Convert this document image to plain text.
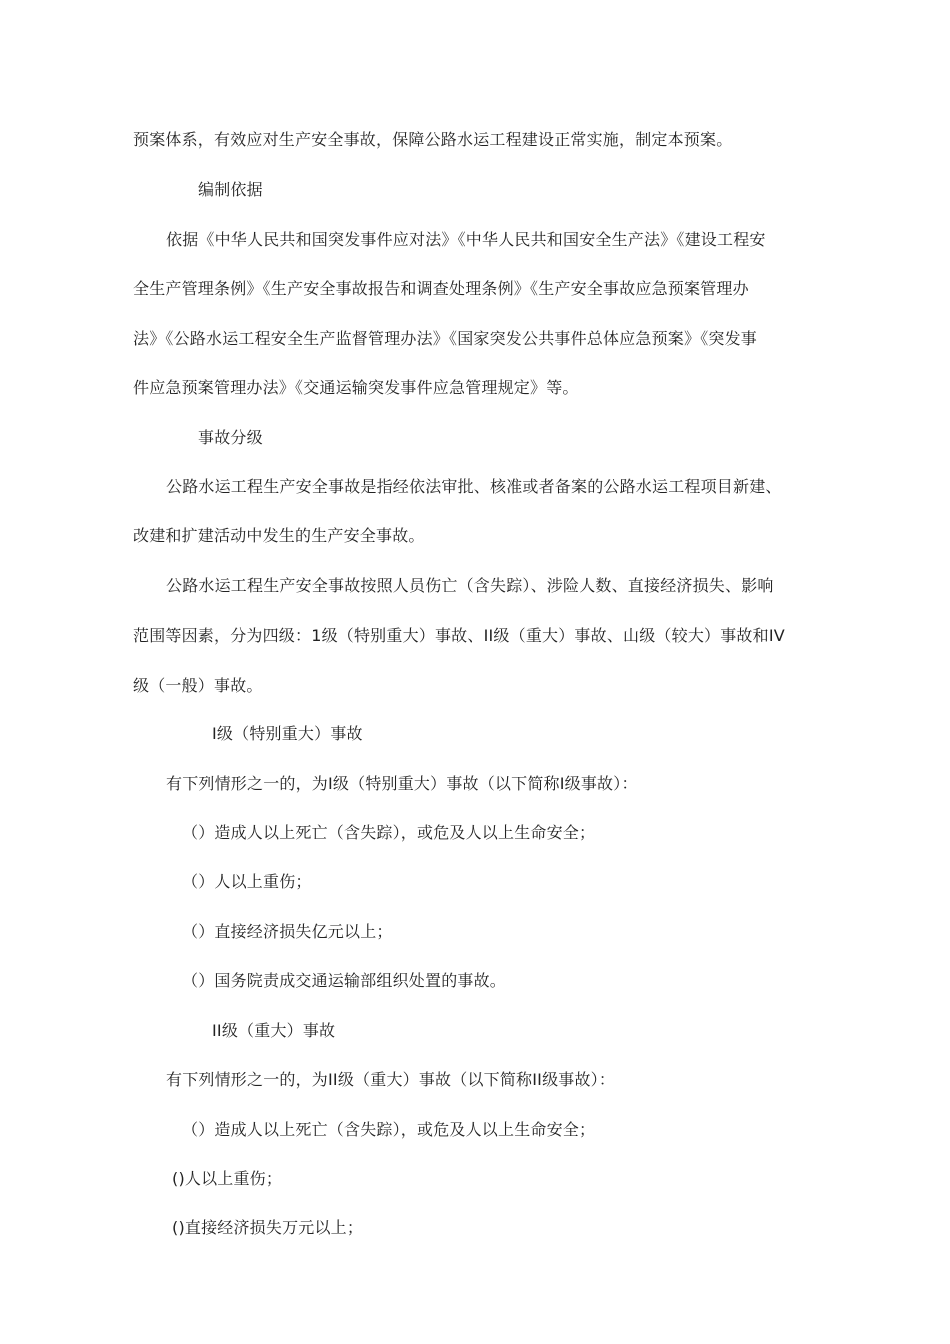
预案体系，有效应对生产安全事故，保障公路水运工程建设正常实施，制定本预案。
编制依据
依据《中华人民共和国突发事件应对法》《中华人民共和国安全生产法》《建设工程安
全生产管理条例》《生产安全事故报告和调查处理条例》《生产安全事故应急预案管理办
法》《公路水运工程安全生产监督管理办法》《国家突发公共事件总体应急预案》《突发事
件应急预案管理办法》《交通运输突发事件应急管理规定》等。
事故分级
公路水运工程生产安全事故是指经依法审批、核准或者备案的公路水运工程项目新建、
改建和扩建活动中发生的生产安全事故。
公路水运工程生产安全事故按照人员伤亡（含失踪）、涉险人数、直接经济损失、影响
范围等因素，分为四级：1级（特别重大）事故、II级（重大）事故、山级（较大）事故和IV
级（一般）事故。
I级（特别重大）事故
有下列情形之一的，为I级（特别重大）事故（以下简称I级事故）：
（）造成人以上死亡（含失踪），或危及人以上生命安全；
（）人以上重伤；
（）直接经济损失亿元以上；
（）国务院责成交通运输部组织处置的事故。
II级（重大）事故
有下列情形之一的，为II级（重大）事故（以下简称II级事故）：
（）造成人以上死亡（含失踪），或危及人以上生命安全；
()人以上重伤；
()直接经济损失万元以上；
